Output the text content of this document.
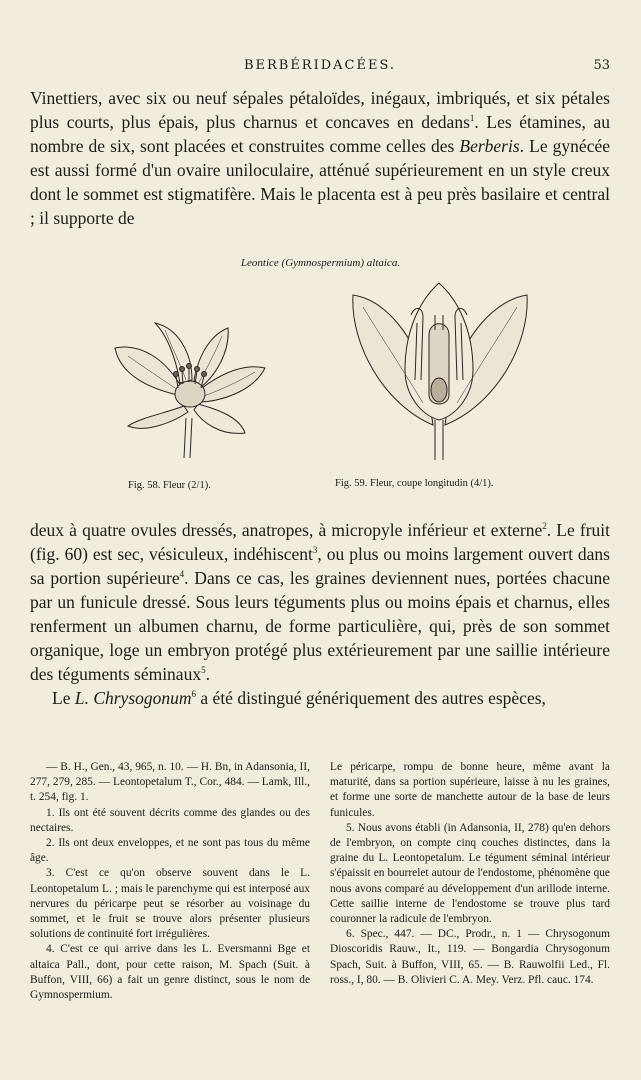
BERBÉRIDACÉES.	53

Vinettiers, avec six ou neuf sépales pétaloïdes, inégaux, imbriqués, et six pétales plus courts, plus épais, plus charnus et concaves en dedans$^1$. Les étamines, au nombre de six, sont placées et construites comme celles des Berberis. Le gynécée est aussi formé d'un ovaire uniloculaire, atténué supérieurement en un style creux dont le sommet est stigmatifère. Mais le placenta est à peu près basilaire et central ; il supporte de

Leontice (Gymnospermium) altaica.
Fig. 58. Fleur (2/1).	Fig. 59. Fleur, coupe longitudin (4/1).

deux à quatre ovules dressés, anatropes, à micropyle inférieur et externe$^2$. Le fruit (fig. 60) est sec, vésiculeux, indéhiscent$^3$, ou plus ou moins largement ouvert dans sa portion supérieure$^4$. Dans ce cas, les graines deviennent nues, portées chacune par un funicule dressé. Sous leurs téguments plus ou moins épais et charnus, elles renferment un albumen charnu, de forme particulière, qui, près de son sommet organique, loge un embryon protégé plus extérieurement par une saillie intérieure des téguments séminaux$^5$.

Le L. Chrysogonum$^6$ a été distingué génériquement des autres espèces,

— B. H., Gen., 43, 965, n. 10. — H. Bn, in Adansonia, II, 277, 279, 285. — Leontopetalum T., Cor., 484. — Lamk, Ill., t. 254, fig. 1.

1. Ils ont été souvent décrits comme des glandes ou des nectaires.

2. Ils ont deux enveloppes, et ne sont pas tous du même âge.

3. C'est ce qu'on observe souvent dans le L. Leontopetalum L. ; mais le parenchyme qui est interposé aux nervures du péricarpe peut se résorber au voisinage du sommet, et le fruit se trouve alors présenter plusieurs solutions de continuité fort irrégulières.

4. C'est ce qui arrive dans les L. Eversmanni Bge et altaica Pall., dont, pour cette raison, M. Spach (Suit. à Buffon, VIII, 66) a fait un genre distinct, sous le nom de Gymnospermium.

Le péricarpe, rompu de bonne heure, même avant la maturité, dans sa portion supérieure, laisse à nu les graines, et forme une sorte de manchette autour de la base de leurs funicules.

5. Nous avons établi (in Adansonia, II, 278) qu'en dehors de l'embryon, on compte cinq couches distinctes, dans la graine du L. Leontopetalum. Le tégument séminal intérieur s'épaissit en bourrelet autour de l'endostome, phénomène que nous avons comparé au développement d'un arillode interne. Cette saillie interne de l'endostome se trouve plus tard couronner la radicule de l'embryon.

6. Spec., 447. — DC., Prodr., n. 1 — Chrysogonum Dioscoridis Rauw., It., 119. — Bongardia Chrysogonum Spach, Suit. à Buffon, VIII, 65. — B. Rauwolfii Led., Fl. ross., I, 80. — B. Olivieri C. A. Mey. Verz. Pfl. cauc. 174.
